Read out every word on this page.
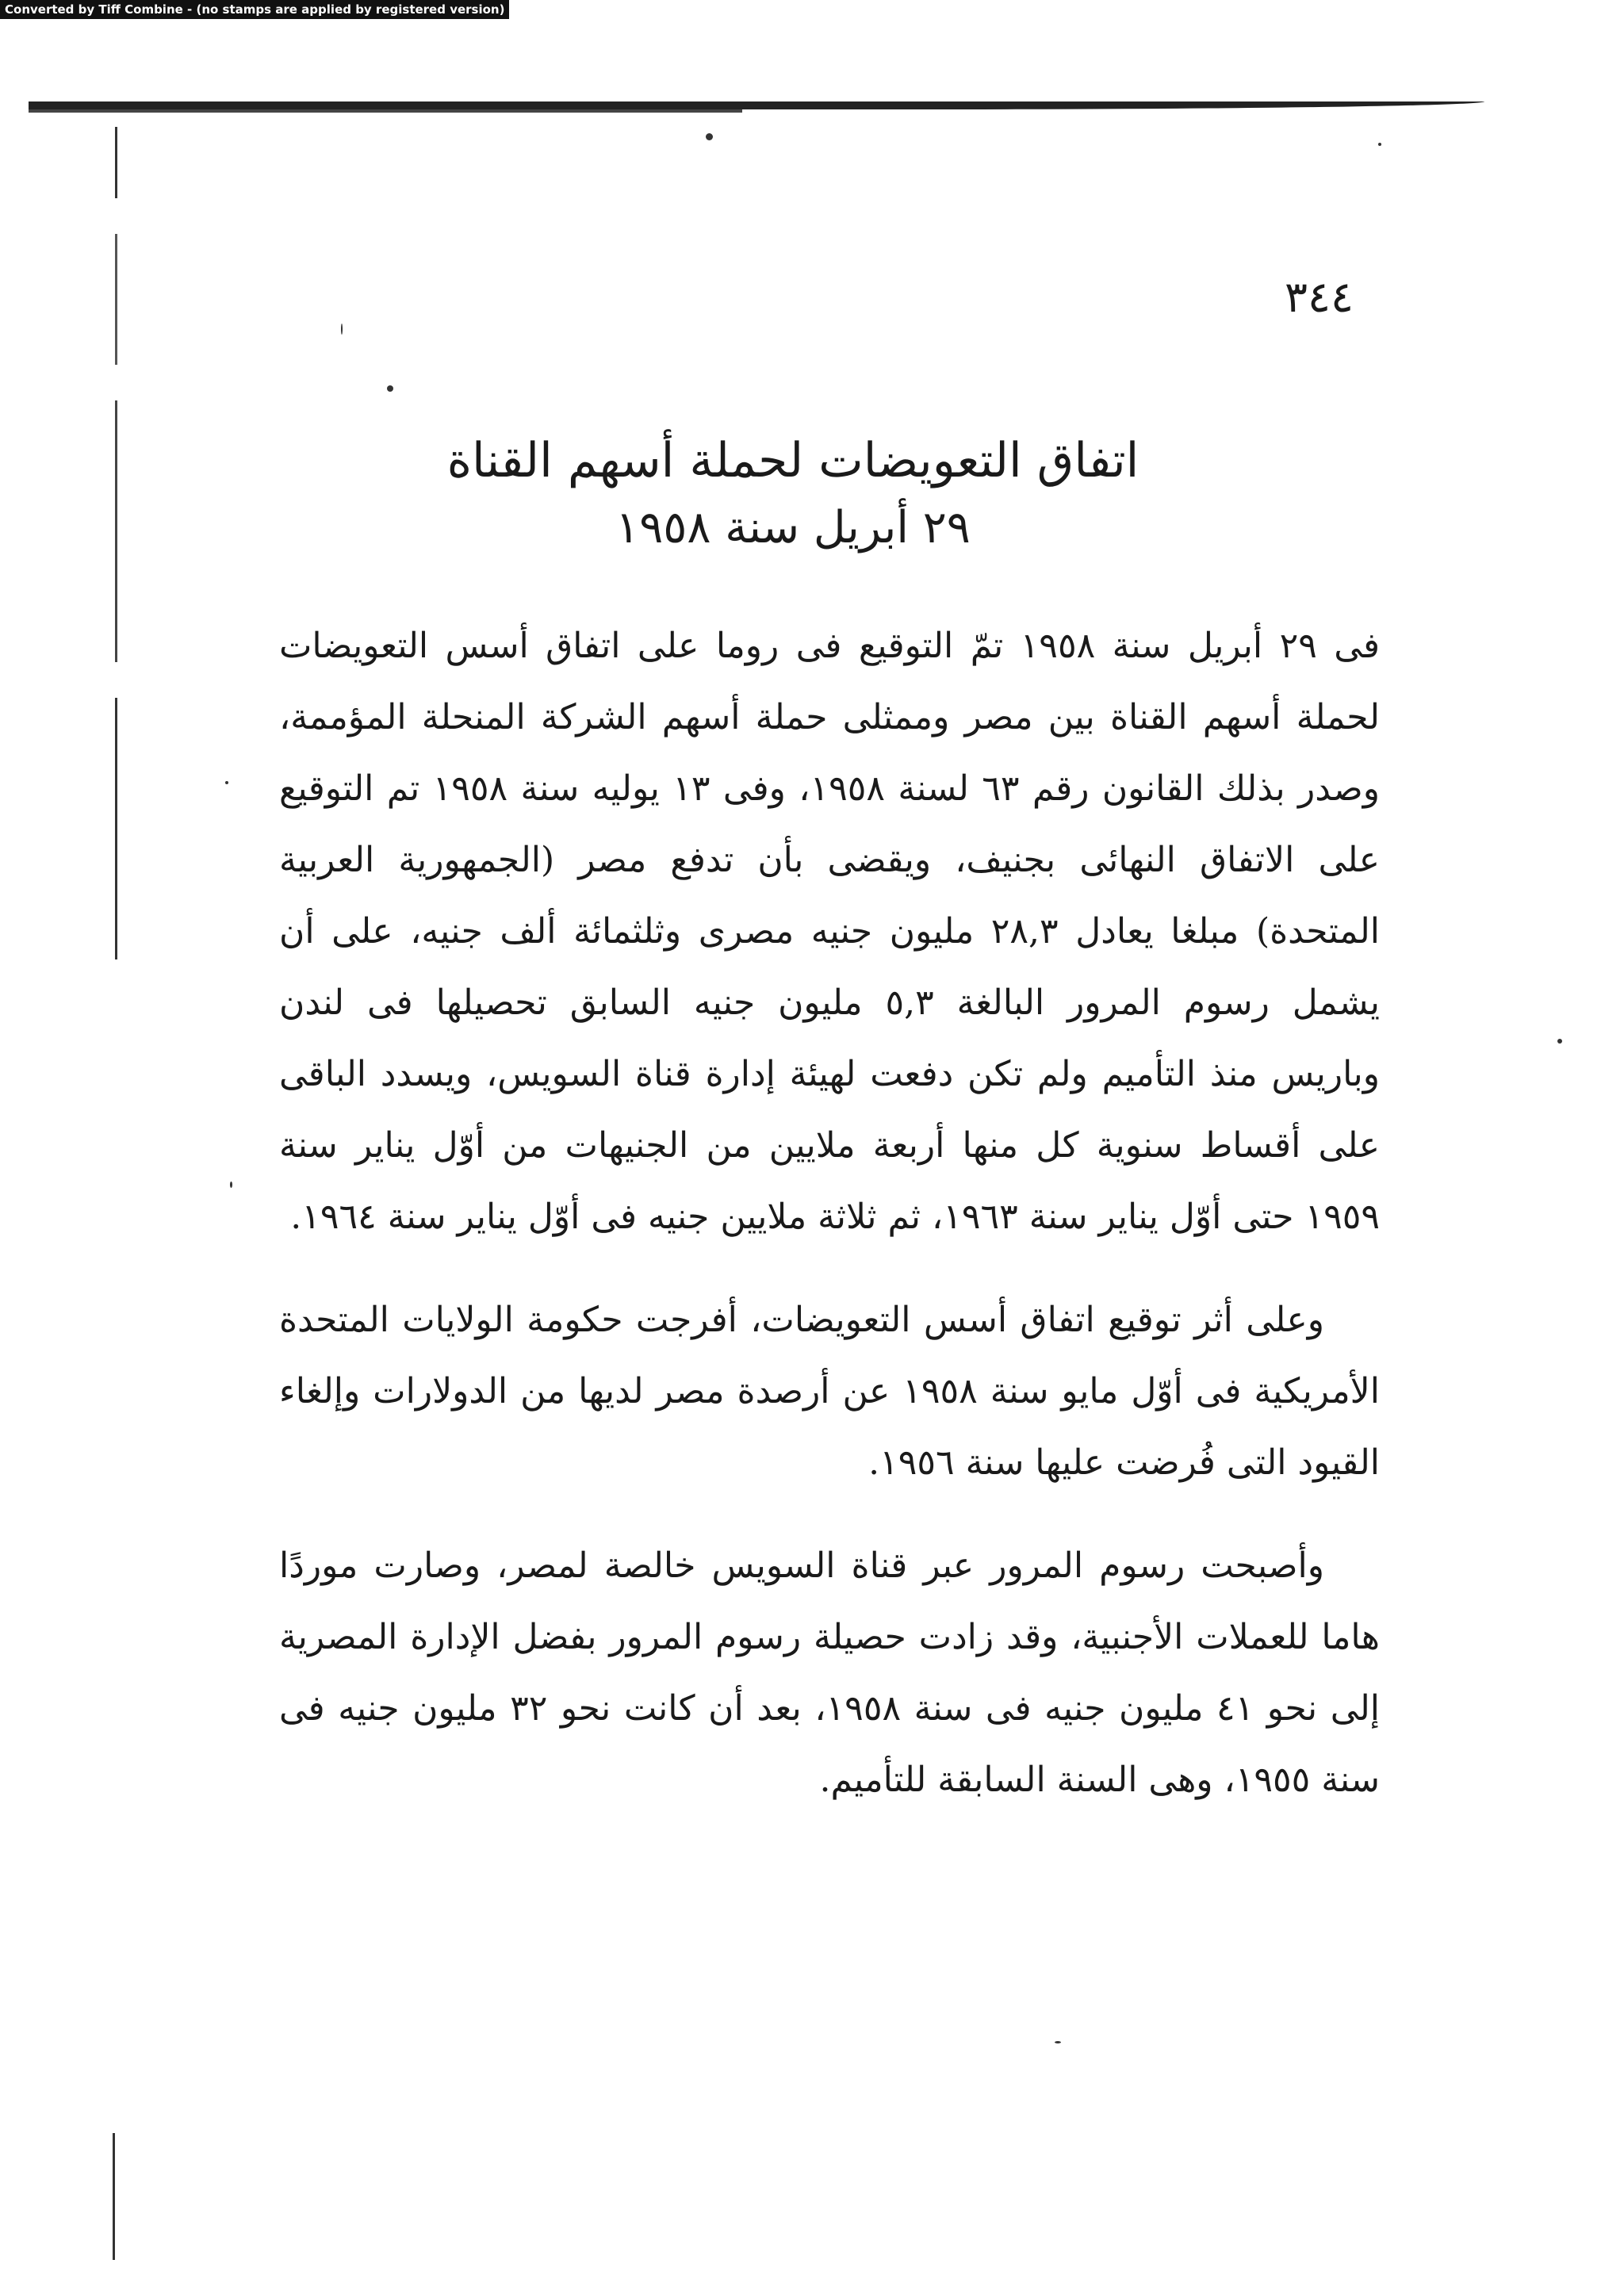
Converted by Tiff Combine - (no stamps are applied by registered version)
٣٤٤
اتفاق التعويضات لحملة أسهم القناة
٢٩ أبريل سنة ١٩٥٨

فى ٢٩ أبريل سنة ١٩٥٨ تمّ التوقيع فى روما على اتفاق أسس التعويضات لحملة أسهم القناة بين مصر وممثلى حملة أسهم الشركة المنحلة المؤممة، وصدر بذلك القانون رقم ٦٣ لسنة ١٩٥٨، وفى ١٣ يوليه سنة ١٩٥٨ تم التوقيع على الاتفاق النهائى بجنيف، ويقضى بأن تدفع مصر (الجمهورية العربية المتحدة) مبلغا يعادل ٢٨,٣ مليون جنيه مصرى وثلثمائة ألف جنيه، على أن يشمل رسوم المرور البالغة ٥,٣ مليون جنيه السابق تحصيلها فى لندن وباريس منذ التأميم ولم تكن دفعت لهيئة إدارة قناة السويس، ويسدد الباقى على أقساط سنوية كل منها أربعة ملايين من الجنيهات من أوّل يناير سنة ١٩٥٩ حتى أوّل يناير سنة ١٩٦٣، ثم ثلاثة ملايين جنيه فى أوّل يناير سنة ١٩٦٤.

وعلى أثر توقيع اتفاق أسس التعويضات، أفرجت حكومة الولايات المتحدة الأمريكية فى أوّل مايو سنة ١٩٥٨ عن أرصدة مصر لديها من الدولارات وإلغاء القيود التى فُرضت عليها سنة ١٩٥٦.

وأصبحت رسوم المرور عبر قناة السويس خالصة لمصر، وصارت موردًا هاما للعملات الأجنبية، وقد زادت حصيلة رسوم المرور بفضل الإدارة المصرية إلى نحو ٤١ مليون جنيه فى سنة ١٩٥٨، بعد أن كانت نحو ٣٢ مليون جنيه فى سنة ١٩٥٥، وهى السنة السابقة للتأميم.
